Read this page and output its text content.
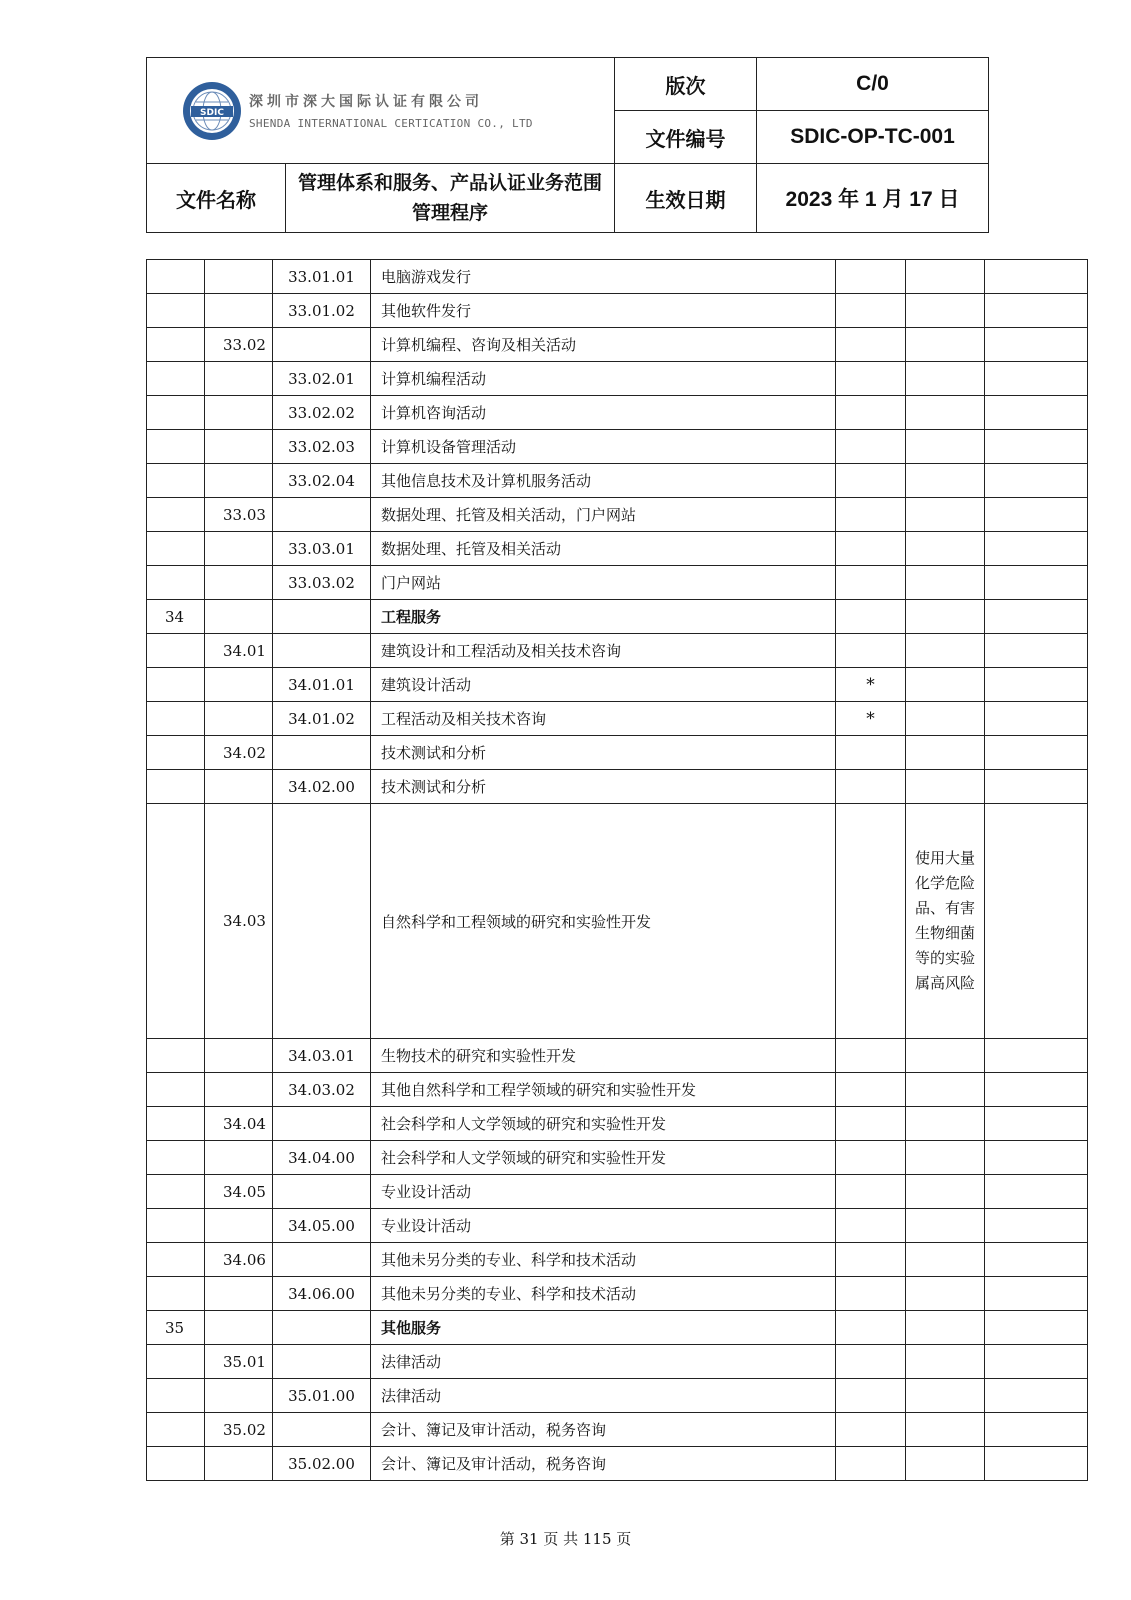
SDIC
深圳市深大国际认证有限公司
SHENDA INTERNATIONAL CERTICATION CO., LTD		版次	C/0
		文件编号	SDIC-OP-TC-001
文件名称	管理体系和服务、产品认证业务范围管理程序	生效日期	2023 年 1 月 17 日
		33.01.01	电脑游戏发行			
		33.01.02	其他软件发行			
	33.02		计算机编程、咨询及相关活动			
		33.02.01	计算机编程活动			
		33.02.02	计算机咨询活动			
		33.02.03	计算机设备管理活动			
		33.02.04	其他信息技术及计算机服务活动			
	33.03		数据处理、托管及相关活动，门户网站			
		33.03.01	数据处理、托管及相关活动			
		33.03.02	门户网站			
34			工程服务			
	34.01		建筑设计和工程活动及相关技术咨询			
		34.01.01	建筑设计活动	*		
		34.01.02	工程活动及相关技术咨询	*		
	34.02		技术测试和分析			
		34.02.00	技术测试和分析			
	34.03		自然科学和工程领域的研究和实验性开发		使用大量化学危险品、有害生物细菌等的实验属高风险	

		34.03.01	生物技术的研究和实验性开发			
		34.03.02	其他自然科学和工程学领域的研究和实验性开发			
	34.04		社会科学和人文学领域的研究和实验性开发			
		34.04.00	社会科学和人文学领域的研究和实验性开发			
	34.05		专业设计活动			
		34.05.00	专业设计活动			
	34.06		其他未另分类的专业、科学和技术活动			
		34.06.00	其他未另分类的专业、科学和技术活动			
35			其他服务			
	35.01		法律活动			
		35.01.00	法律活动			
	35.02		会计、簿记及审计活动，税务咨询			
		35.02.00	会计、簿记及审计活动，税务咨询			
第 31 页 共 115 页
